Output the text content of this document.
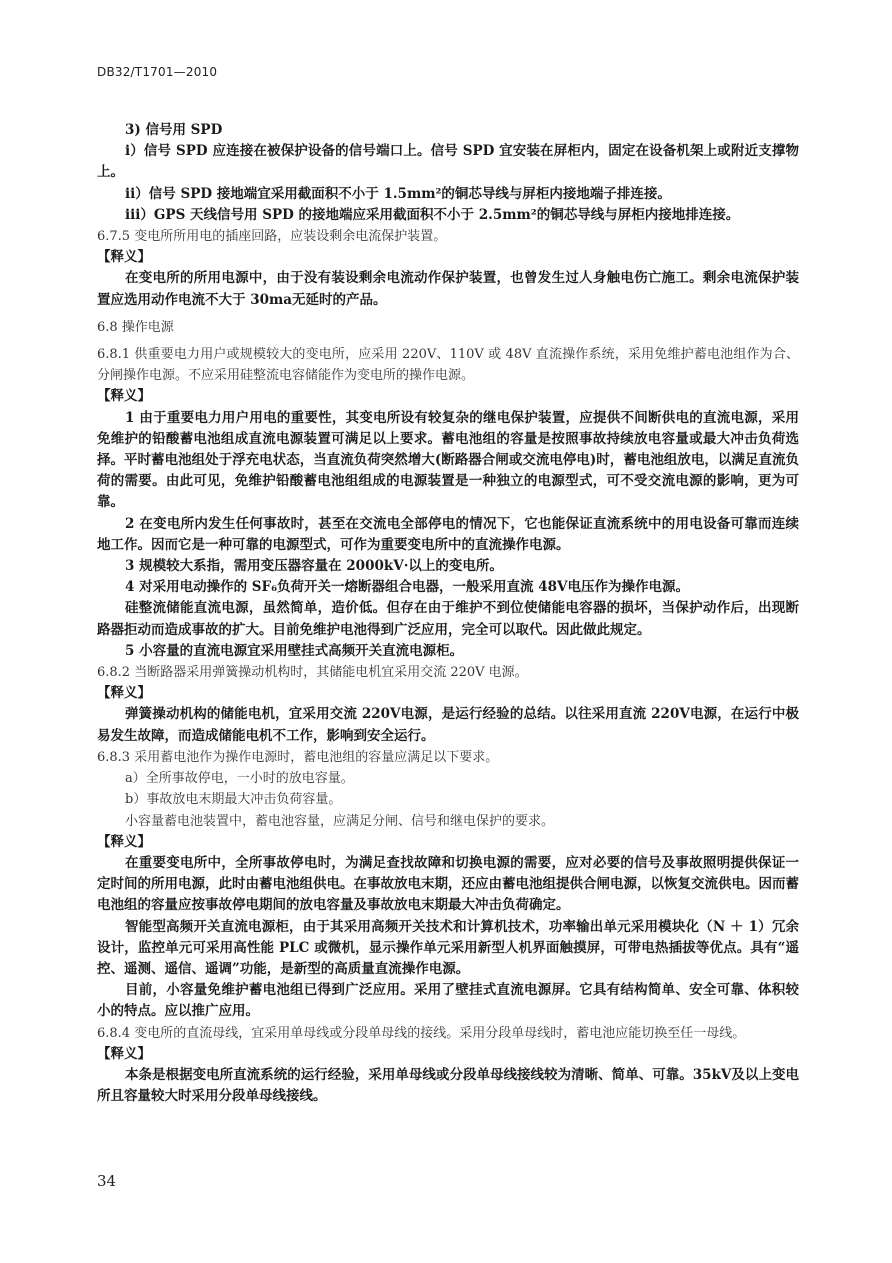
DB32/T1701—2010

3) 信号用 SPD

i）信号 SPD 应连接在被保护设备的信号端口上。信号 SPD 宜安装在屏柜内，固定在设备机架上或附近支撑物上。

ii）信号 SPD 接地端宜采用截面积不小于 1.5mm²的铜芯导线与屏柜内接地端子排连接。

iii）GPS 天线信号用 SPD 的接地端应采用截面积不小于 2.5mm²的铜芯导线与屏柜内接地排连接。

6.7.5 变电所所用电的插座回路，应装设剩余电流保护装置。

【释义】

在变电所的所用电源中，由于没有装设剩余电流动作保护装置，也曾发生过人身触电伤亡施工。剩余电流保护装置应选用动作电流不大于 30ma无延时的产品。

6.8 操作电源

6.8.1 供重要电力用户或规模较大的变电所，应采用 220V、110V 或 48V 直流操作系统，采用免维护蓄电池组作为合、分闸操作电源。不应采用硅整流电容储能作为变电所的操作电源。

【释义】

1 由于重要电力用户用电的重要性，其变电所设有较复杂的继电保护装置，应提供不间断供电的直流电源，采用免维护的铅酸蓄电池组成直流电源装置可满足以上要求。蓄电池组的容量是按照事故持续放电容量或最大冲击负荷选择。平时蓄电池组处于浮充电状态，当直流负荷突然增大(断路器合闸或交流电停电)时，蓄电池组放电，以满足直流负荷的需要。由此可见，免维护铅酸蓄电池组组成的电源装置是一种独立的电源型式，可不受交流电源的影响，更为可靠。

2 在变电所内发生任何事故时，甚至在交流电全部停电的情况下，它也能保证直流系统中的用电设备可靠而连续地工作。因而它是一种可靠的电源型式，可作为重要变电所中的直流操作电源。

3 规模较大系指，需用变压器容量在 2000kV·以上的变电所。

4 对采用电动操作的 SF₆负荷开关一熔断器组合电器，一般采用直流 48V电压作为操作电源。

硅整流储能直流电源，虽然简单，造价低。但存在由于维护不到位使储能电容器的损坏，当保护动作后，出现断路器拒动而造成事故的扩大。目前免维护电池得到广泛应用，完全可以取代。因此做此规定。

5 小容量的直流电源宜采用壁挂式高频开关直流电源柜。

6.8.2 当断路器采用弹簧操动机构时，其储能电机宜采用交流 220V 电源。

【释义】

弹簧操动机构的储能电机，宜采用交流 220V电源，是运行经验的总结。以往采用直流 220V电源，在运行中极易发生故障，而造成储能电机不工作，影响到安全运行。

6.8.3 采用蓄电池作为操作电源时，蓄电池组的容量应满足以下要求。

a）全所事故停电，一小时的放电容量。

b）事故放电末期最大冲击负荷容量。

小容量蓄电池装置中，蓄电池容量，应满足分闸、信号和继电保护的要求。

【释义】

在重要变电所中，全所事故停电时，为满足查找故障和切换电源的需要，应对必要的信号及事故照明提供保证一定时间的所用电源，此时由蓄电池组供电。在事故放电末期，还应由蓄电池组提供合闸电源，以恢复交流供电。因而蓄电池组的容量应按事故停电期间的放电容量及事故放电末期最大冲击负荷确定。

智能型高频开关直流电源柜，由于其采用高频开关技术和计算机技术，功率输出单元采用模块化（N ＋ 1）冗余设计，监控单元可采用高性能 PLC 或微机，显示操作单元采用新型人机界面触摸屏，可带电热插拔等优点。具有“遥控、遥测、遥信、遥调”功能，是新型的高质量直流操作电源。

目前，小容量免维护蓄电池组已得到广泛应用。采用了壁挂式直流电源屏。它具有结构简单、安全可靠、体积较小的特点。应以推广应用。

6.8.4 变电所的直流母线，宜采用单母线或分段单母线的接线。采用分段单母线时，蓄电池应能切换至任一母线。

【释义】

本条是根据变电所直流系统的运行经验，采用单母线或分段单母线接线较为清晰、简单、可靠。35kV及以上变电所且容量较大时采用分段单母线接线。

34
